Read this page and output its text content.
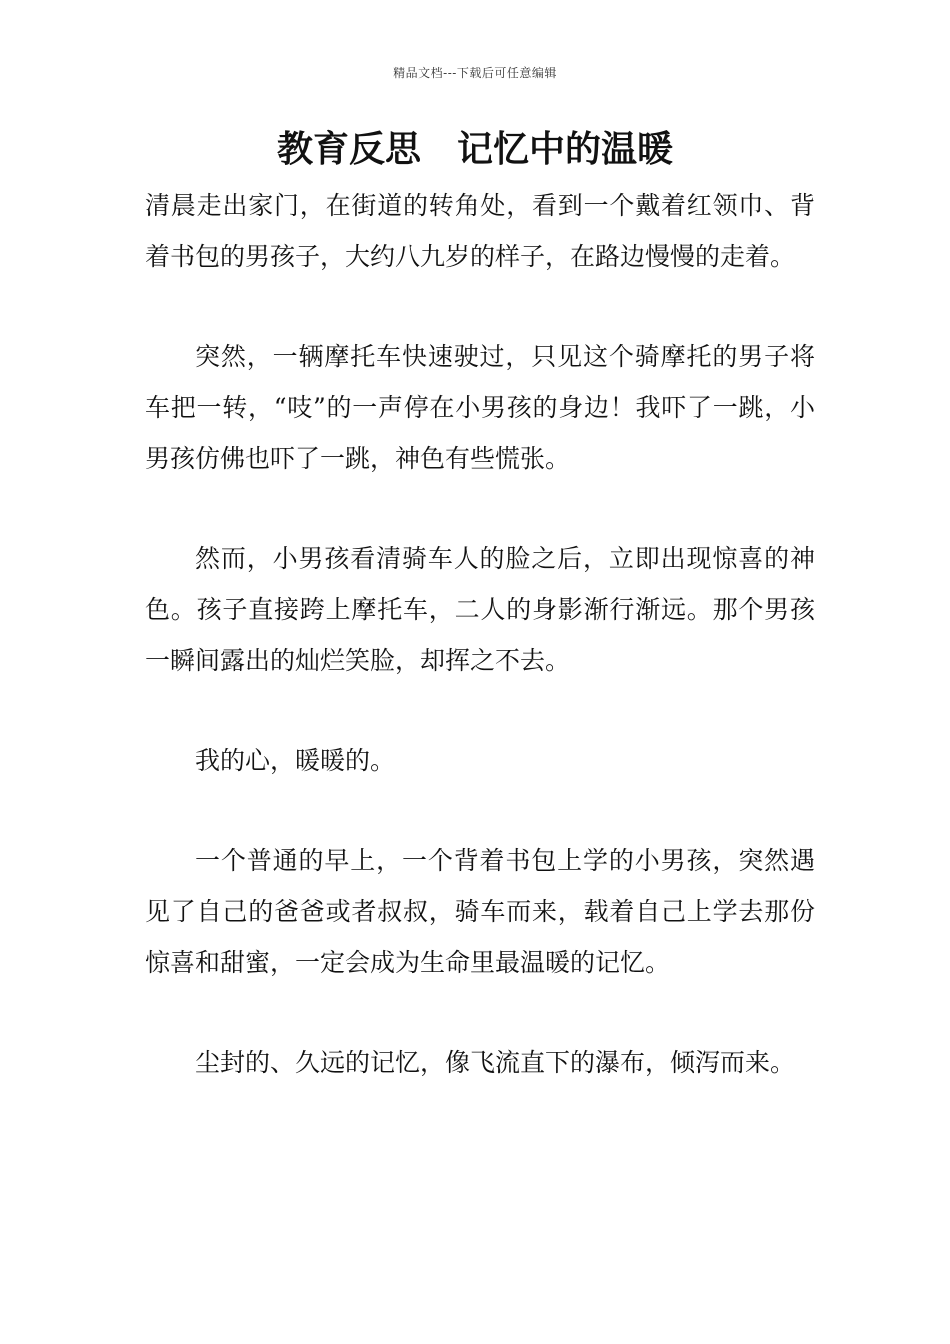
精品文档---下载后可任意编辑
教育反思　记忆中的温暖

清晨走出家门，在街道的转角处，看到一个戴着红领巾、背着书包的男孩子，大约八九岁的样子，在路边慢慢的走着。

突然，一辆摩托车快速驶过，只见这个骑摩托的男子将车把一转，“吱”的一声停在小男孩的身边！我吓了一跳，小男孩仿佛也吓了一跳，神色有些慌张。

然而，小男孩看清骑车人的脸之后，立即出现惊喜的神色。孩子直接跨上摩托车，二人的身影渐行渐远。那个男孩一瞬间露出的灿烂笑脸，却挥之不去。

我的心，暖暖的。

一个普通的早上，一个背着书包上学的小男孩，突然遇见了自己的爸爸或者叔叔，骑车而来，载着自己上学去那份惊喜和甜蜜，一定会成为生命里最温暖的记忆。

尘封的、久远的记忆，像飞流直下的瀑布，倾泻而来。
